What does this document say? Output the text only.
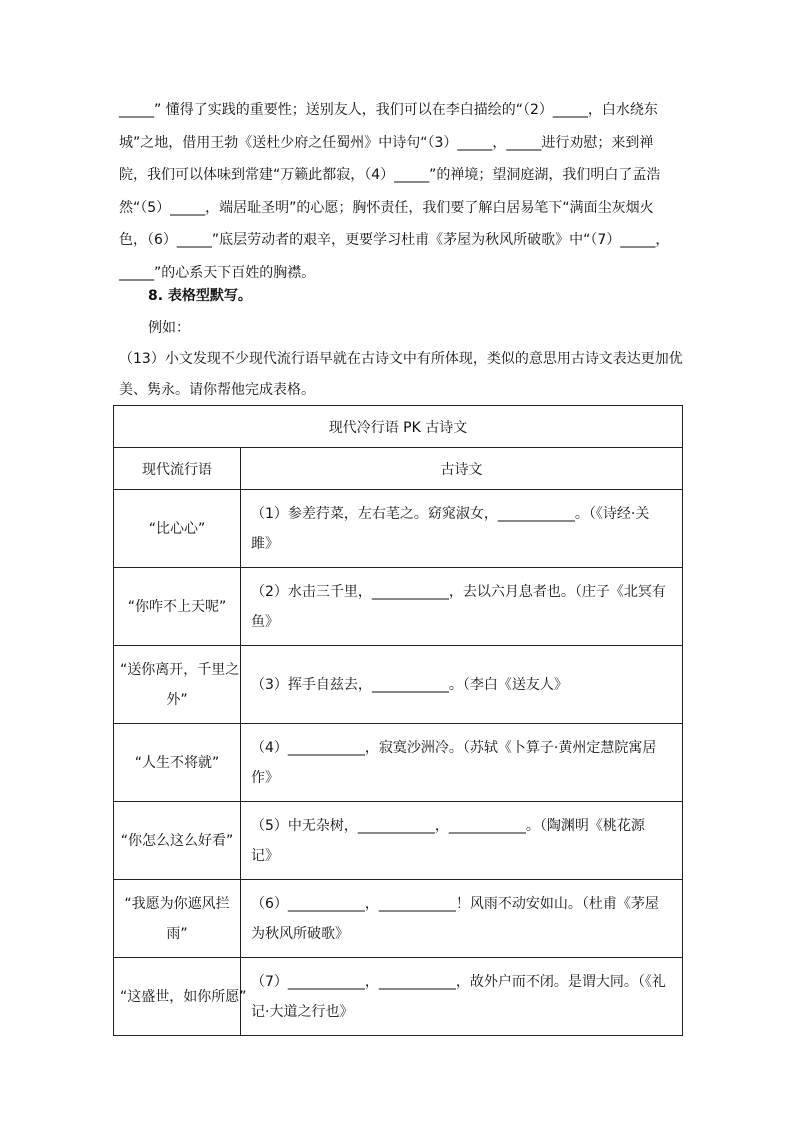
_____” 懂得了实践的重要性；送别友人，我们可以在李白描绘的“（2）_____，白水绕东
城”之地，借用王勃《送杜少府之任蜀州》中诗句“（3）_____，_____进行劝慰；来到禅
院，我们可以体味到常建“万籁此都寂，（4）_____”的禅境；望洞庭湖，我们明白了孟浩
然“（5）_____，端居耻圣明”的心愿；胸怀责任，我们要了解白居易笔下“满面尘灰烟火
色，（6）_____”底层劳动者的艰辛，更要学习杜甫《茅屋为秋风所破歌》中“（7）_____，
_____”的心系天下百姓的胸襟。
8. 表格型默写。
例如：
（13）小文发现不少现代流行语早就在古诗文中有所体现，类似的意思用古诗文表达更加优
美、隽永。请你帮他完成表格。
现代冷行语 PK 古诗文	
现代流行语	古诗文

“比心心”	（1）参差荇菜，左右芼之。窈窕淑女，___________。（《诗经·关
雎》

“你咋不上天呢”	（2）水击三千里，___________，去以六月息者也。（庄子《北冥有
鱼》

“送你离开，千里之
外”	（3）挥手自兹去，___________。（李白《送友人》

“人生不将就”	（4）___________，寂寞沙洲冷。（苏轼《卜算子·黄州定慧院寓居
作》

“你怎么这么好看”	（5）中无杂树，___________，___________。（陶渊明《桃花源
记》

“我愿为你遮风拦
雨”	（6）___________，___________！风雨不动安如山。（杜甫《茅屋
为秋风所破歌》

“这盛世，如你所愿”	（7）___________，___________，故外户而不闭。是谓大同。（《礼
记·大道之行也》
